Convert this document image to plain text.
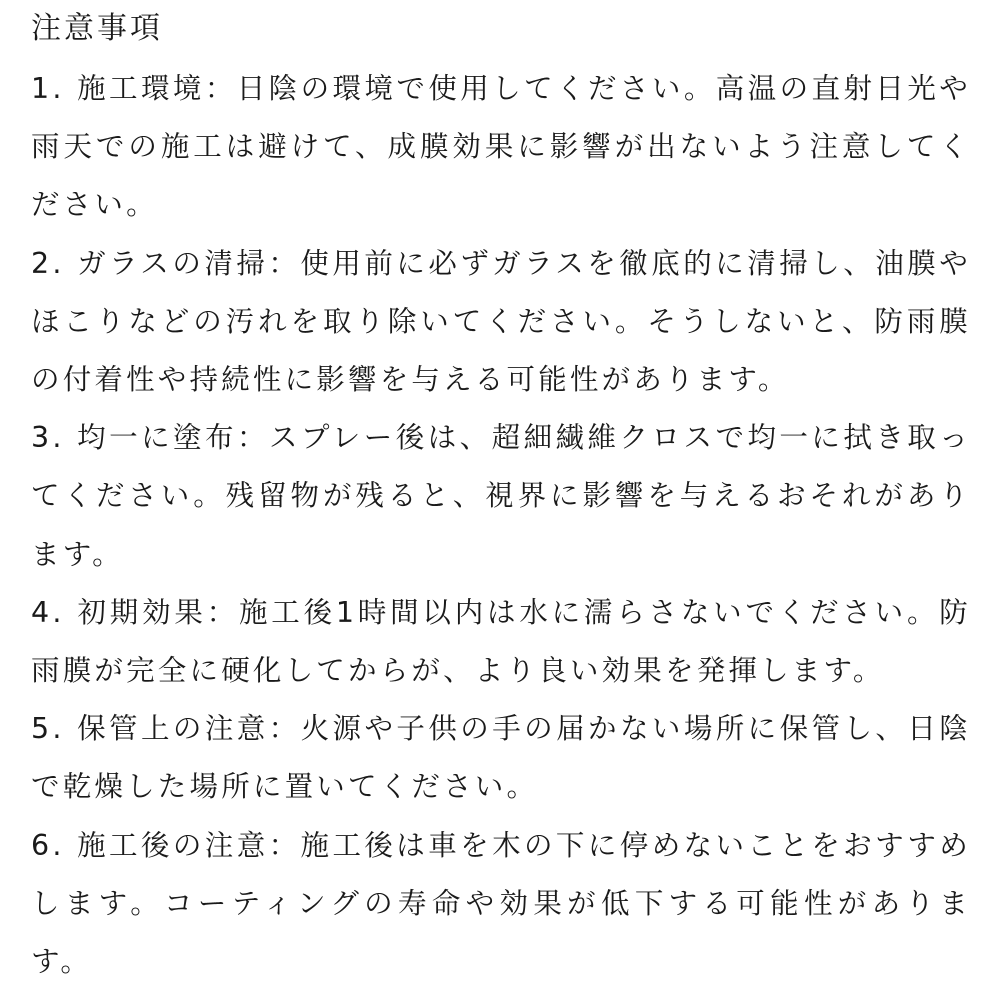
注意事項

1. 施工環境：日陰の環境で使用してください。高温の直射日光や雨天での施工は避けて、成膜効果に影響が出ないよう注意してください。

2. ガラスの清掃：使用前に必ずガラスを徹底的に清掃し、油膜やほこりなどの汚れを取り除いてください。そうしないと、防雨膜の付着性や持続性に影響を与える可能性があります。

3. 均一に塗布：スプレー後は、超細繊維クロスで均一に拭き取ってください。残留物が残ると、視界に影響を与えるおそれがあります。

4. 初期効果：施工後1時間以内は水に濡らさないでください。防雨膜が完全に硬化してからが、より良い効果を発揮します。

5. 保管上の注意：火源や子供の手の届かない場所に保管し、日陰で乾燥した場所に置いてください。

6. 施工後の注意：施工後は車を木の下に停めないことをおすすめします。コーティングの寿命や効果が低下する可能性があります。
